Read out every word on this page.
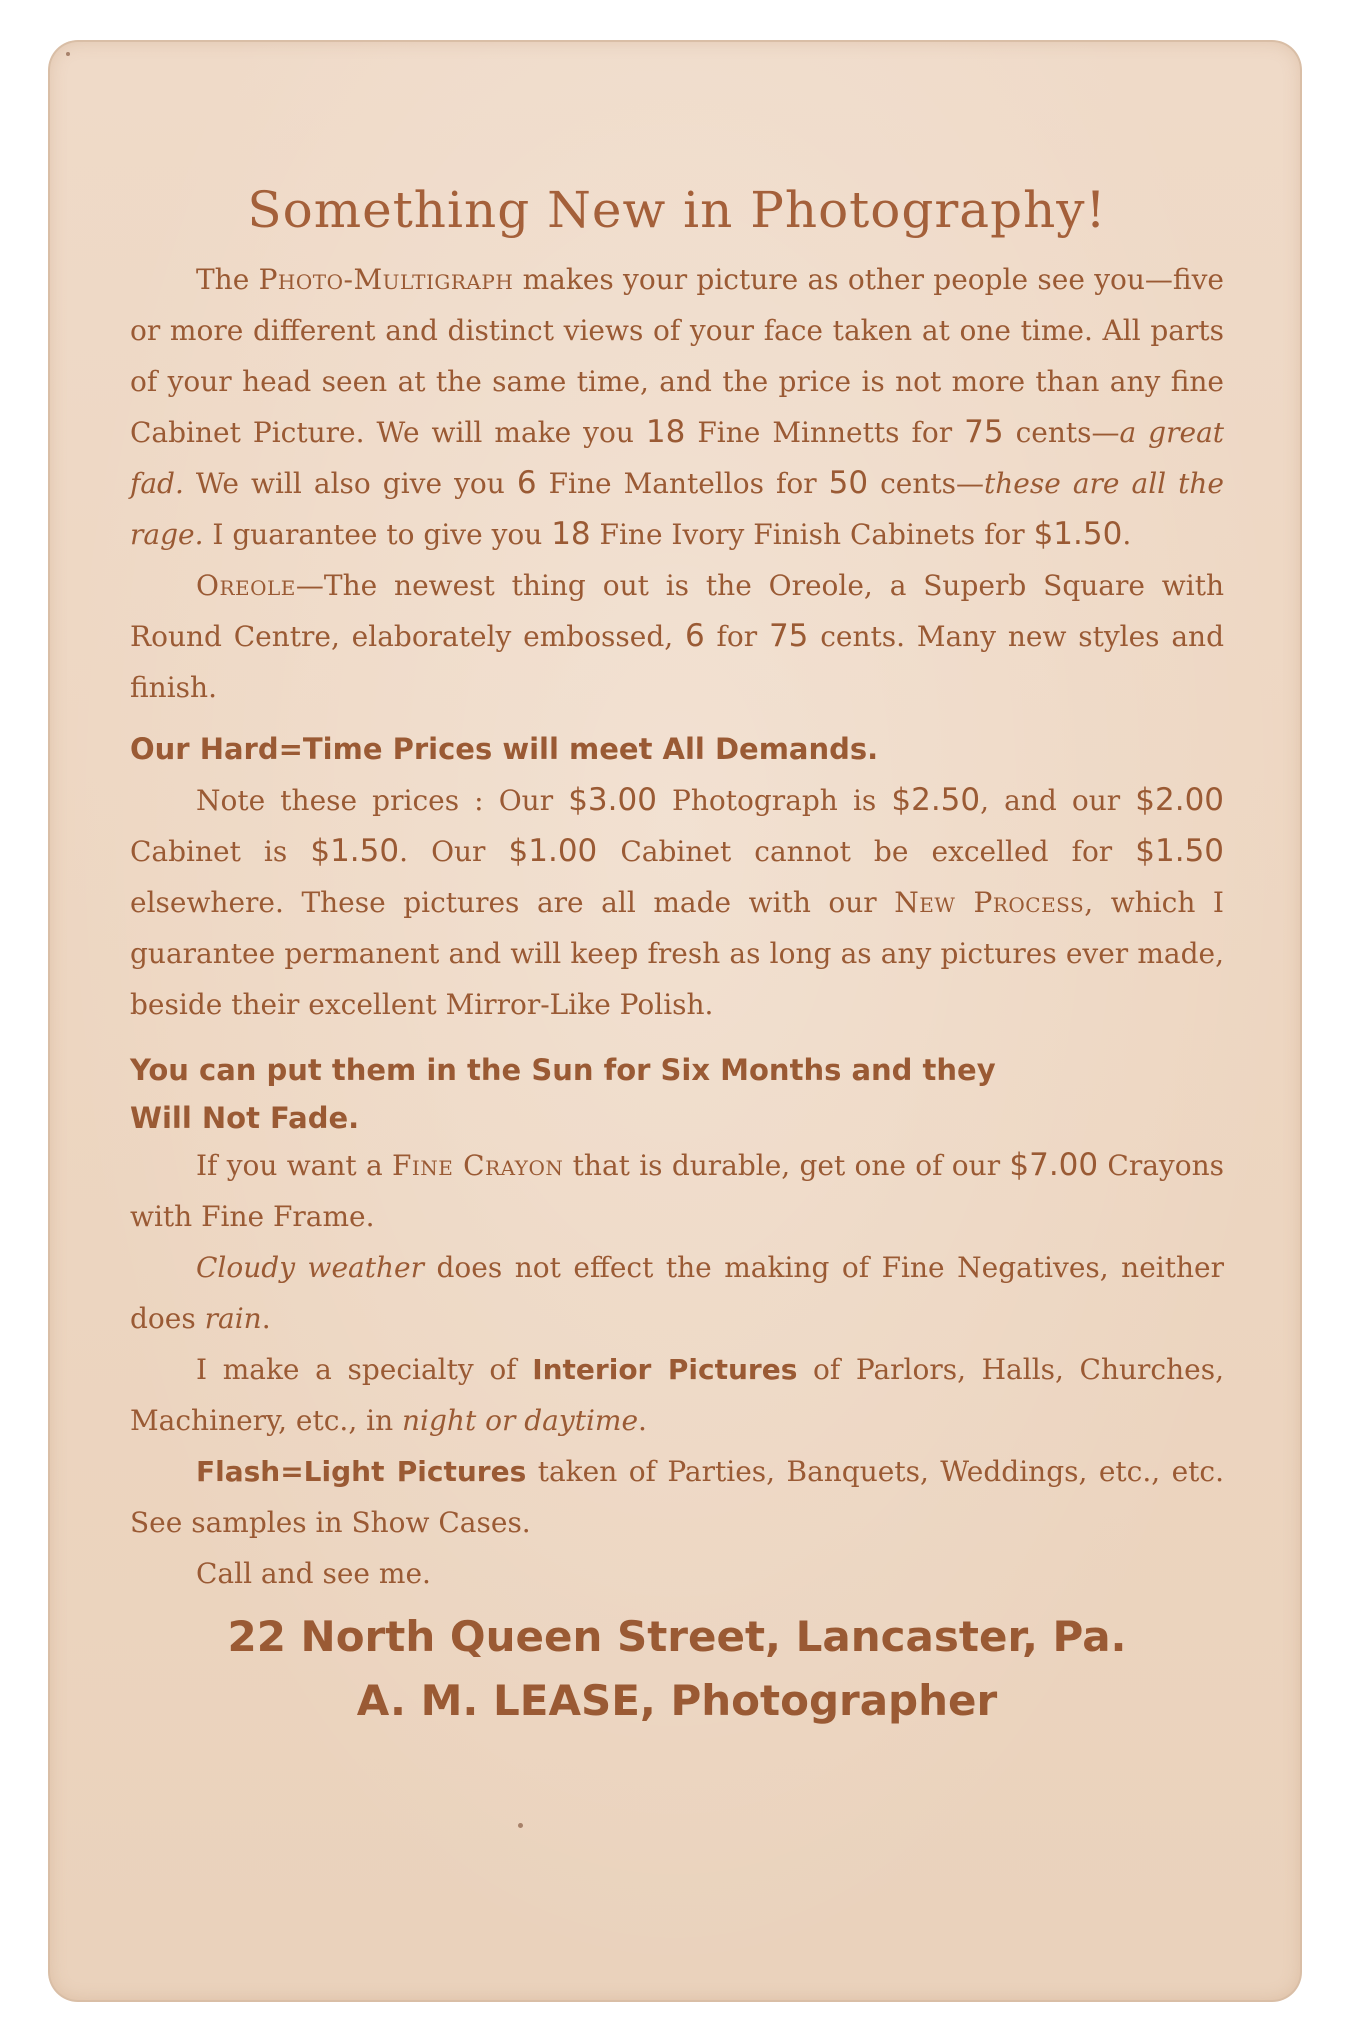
Something New in Photography!

The Photo-Multigraph makes your picture as other people see you—five or more different and distinct views of your face taken at one time. All parts of your head seen at the same time, and the price is not more than any fine Cabinet Picture. We will make you 18 Fine Minnetts for 75 cents—a great fad. We will also give you 6 Fine Mantellos for 50 cents—these are all the rage. I guarantee to give you 18 Fine Ivory Finish Cabinets for $1.50.

Oreole—The newest thing out is the Oreole, a Superb Square with Round Centre, elaborately embossed, 6 for 75 cents. Many new styles and finish.

Our Hard=Time Prices will meet All Demands.

Note these prices : Our $3.00 Photograph is $2.50, and our $2.00 Cabinet is $1.50. Our $1.00 Cabinet cannot be excelled for $1.50 elsewhere. These pictures are all made with our New Process, which I guarantee permanent and will keep fresh as long as any pictures ever made, beside their excellent Mirror-Like Polish.

You can put them in the Sun for Six Months and they

Will Not Fade.

If you want a Fine Crayon that is durable, get one of our $7.00 Crayons with Fine Frame.

Cloudy weather does not effect the making of Fine Negatives, neither does rain.

I make a specialty of Interior Pictures of Parlors, Halls, Churches, Machinery, etc., in night or daytime.

Flash=Light Pictures taken of Parties, Banquets, Weddings, etc., etc. See samples in Show Cases.

Call and see me.

22 North Queen Street, Lancaster, Pa.
A. M. LEASE, Photographer
